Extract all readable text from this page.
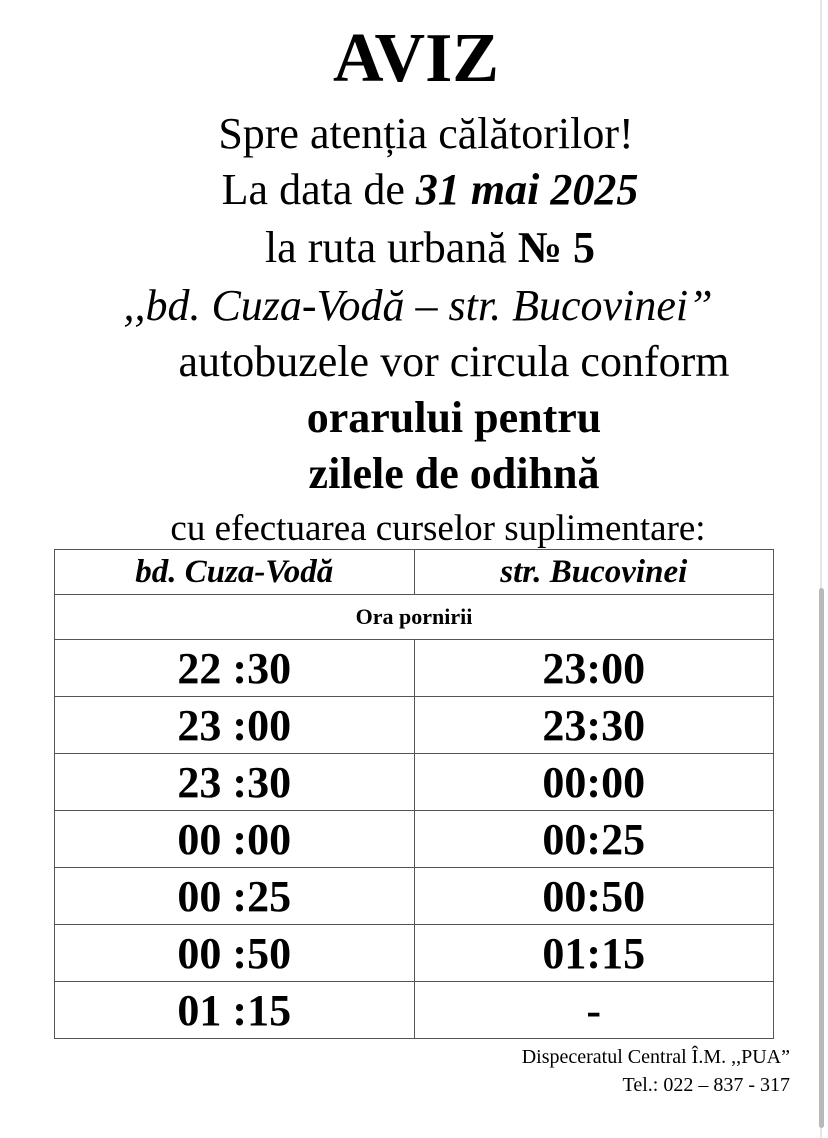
AVIZ
Spre atenția călătorilor!
La data de 31 mai 2025
la ruta urbană № 5
,,bd. Cuza-Vodă – str. Bucovinei”
autobuzele vor circula conform
orarului pentru
zilele de odihnă
cu efectuarea curselor suplimentare:
bd. Cuza-Vodă	str. Bucovinei
Ora pornirii	
22 :30	23:00
23 :00	23:30
23 :30	00:00
00 :00	00:25
00 :25	00:50
00 :50	01:15
01 :15	-
Dispeceratul Central Î.M. ,,PUA”
Tel.: 022 – 837 - 317
